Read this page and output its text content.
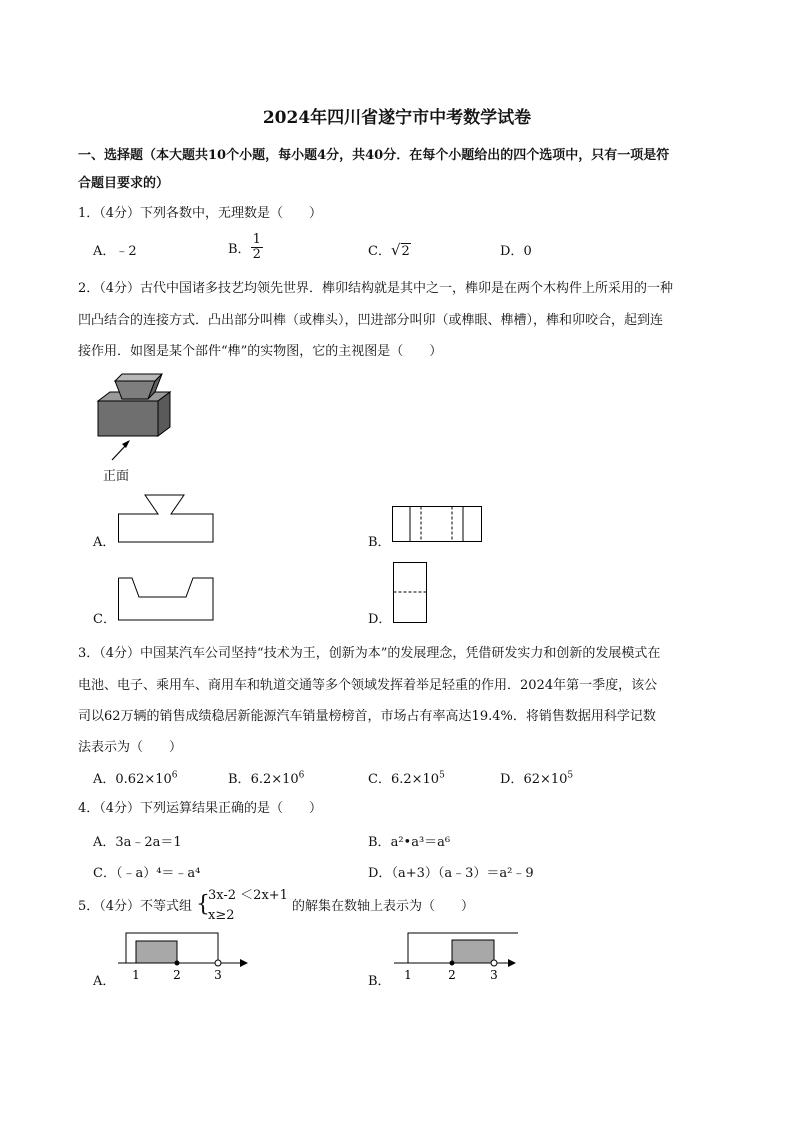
2024年四川省遂宁市中考数学试卷
一、选择题（本大题共10个小题，每小题4分，共40分．在每个小题给出的四个选项中，只有一项是符
合题目要求的）
1．（4分）下列各数中，无理数是（　　）
A．﹣2	B． $\frac{1}{2}$	C．√2	D．0
2．（4分）古代中国诸多技艺均领先世界．榫卯结构就是其中之一，榫卯是在两个木构件上所采用的一种
凹凸结合的连接方式．凸出部分叫榫（或榫头），凹进部分叫卯（或榫眼、榫槽），榫和卯咬合，起到连
接作用．如图是某个部件“榫”的实物图，它的主视图是（　　）
正面
A．	B．
C．	D．
3．（4分）中国某汽车公司坚持“技术为王，创新为本”的发展理念，凭借研发实力和创新的发展模式在
电池、电子、乘用车、商用车和轨道交通等多个领域发挥着举足轻重的作用．2024年第一季度，该公
司以62万辆的销售成绩稳居新能源汽车销量榜榜首，市场占有率高达19.4%．将销售数据用科学记数
法表示为（　　）
A．$0.62\times 10^6$	B．$6.2\times 10^6$	C．$6.2\times 10^5$	D．$62\times 10^5$
4．（4分）下列运算结果正确的是（　　）
A．3a﹣2a＝1	B．a²•a³＝a⁶
C．（﹣a）⁴＝﹣a⁴	D．（a+3）（a﹣3）＝a²﹣9
5．（4分）不等式组 {
3x-2 ＜2x+1
x≥2
的解集在数轴上表示为（　　）
A． 1	2	3	B． 1	2	3
